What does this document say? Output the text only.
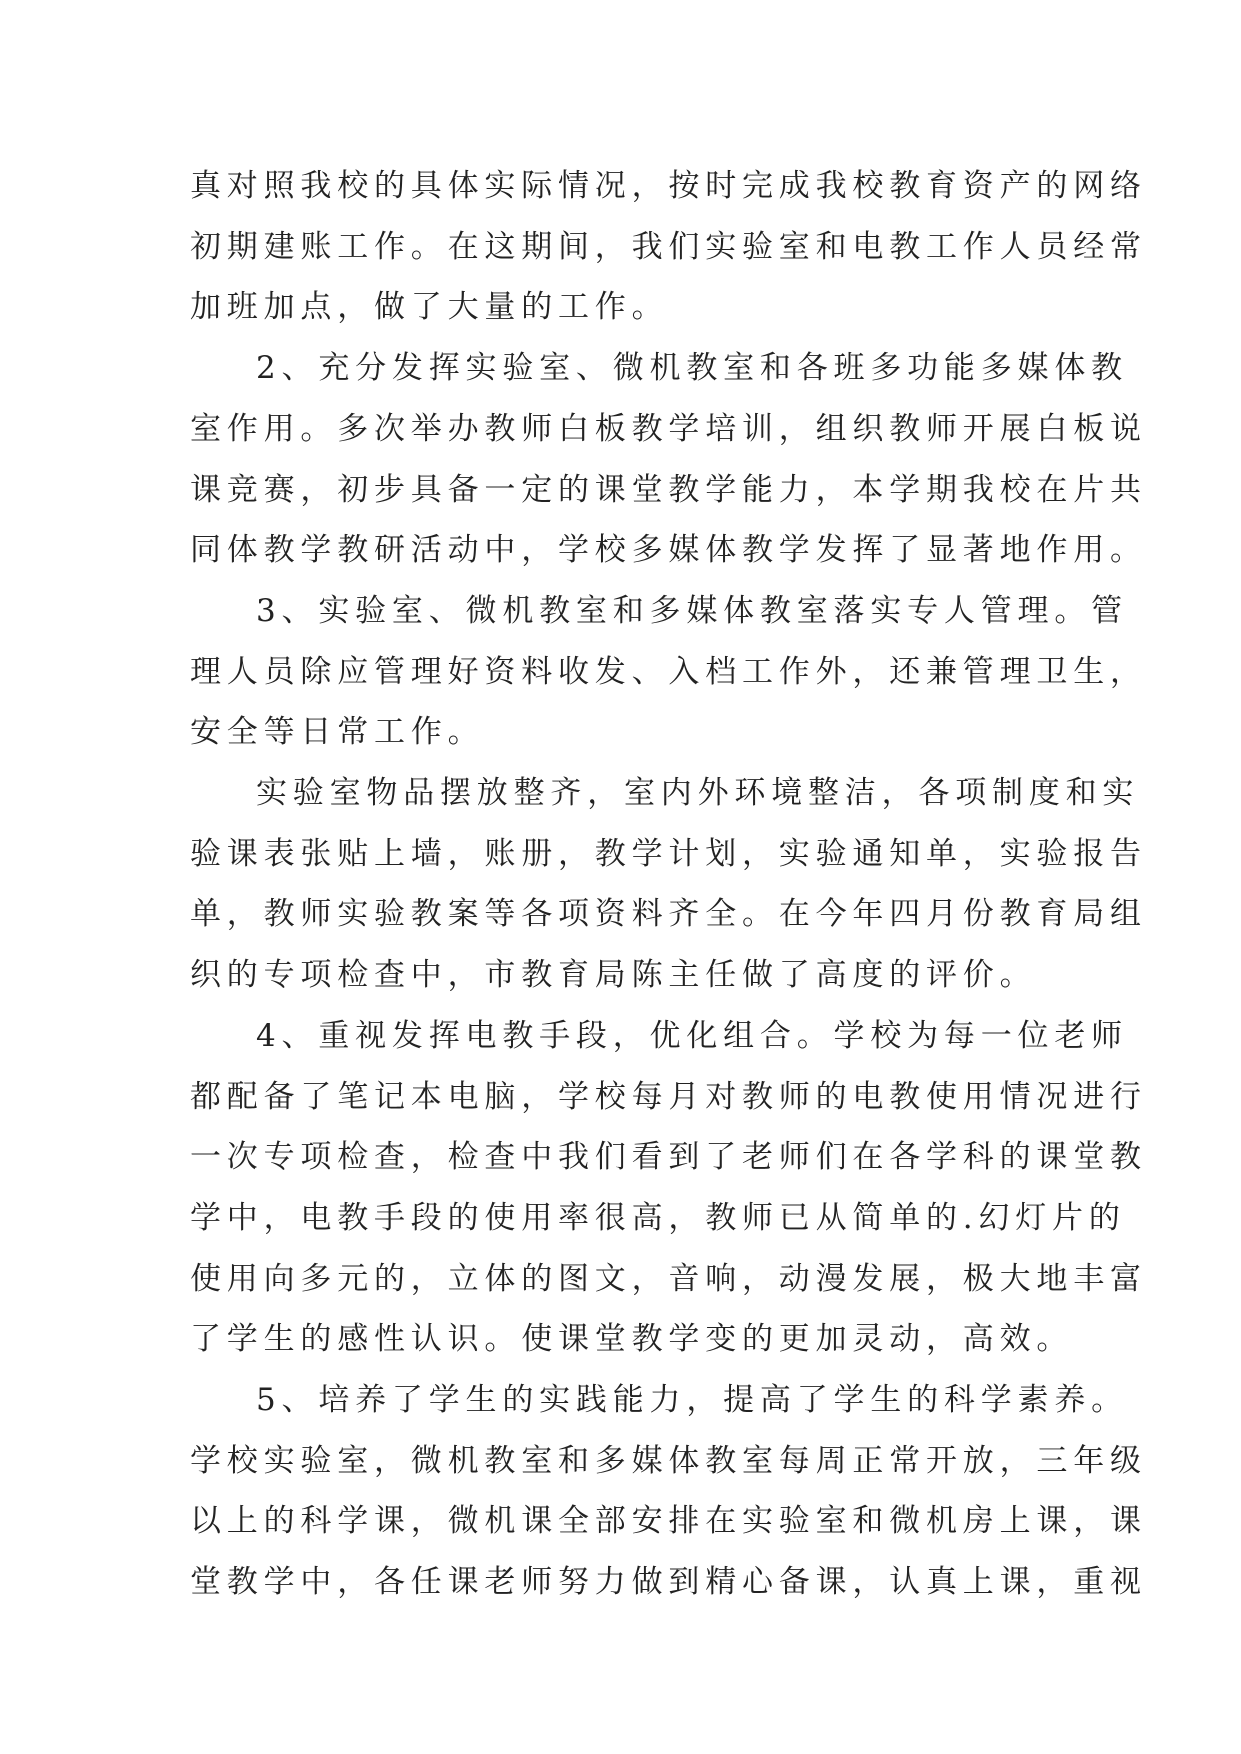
真对照我校的具体实际情况，按时完成我校教育资产的网络
初期建账工作。在这期间，我们实验室和电教工作人员经常
加班加点，做了大量的工作。
2、充分发挥实验室、微机教室和各班多功能多媒体教
室作用。多次举办教师白板教学培训，组织教师开展白板说
课竞赛，初步具备一定的课堂教学能力，本学期我校在片共
同体教学教研活动中，学校多媒体教学发挥了显著地作用。
3、实验室、微机教室和多媒体教室落实专人管理。管
理人员除应管理好资料收发、入档工作外，还兼管理卫生，
安全等日常工作。
实验室物品摆放整齐，室内外环境整洁，各项制度和实
验课表张贴上墙，账册，教学计划，实验通知单，实验报告
单，教师实验教案等各项资料齐全。在今年四月份教育局组
织的专项检查中，市教育局陈主任做了高度的评价。
4、重视发挥电教手段，优化组合。学校为每一位老师
都配备了笔记本电脑，学校每月对教师的电教使用情况进行
一次专项检查，检查中我们看到了老师们在各学科的课堂教
学中，电教手段的使用率很高，教师已从简单的.幻灯片的
使用向多元的，立体的图文，音响，动漫发展，极大地丰富
了学生的感性认识。使课堂教学变的更加灵动，高效。
5、培养了学生的实践能力，提高了学生的科学素养。
学校实验室，微机教室和多媒体教室每周正常开放，三年级
以上的科学课，微机课全部安排在实验室和微机房上课，课
堂教学中，各任课老师努力做到精心备课，认真上课，重视
